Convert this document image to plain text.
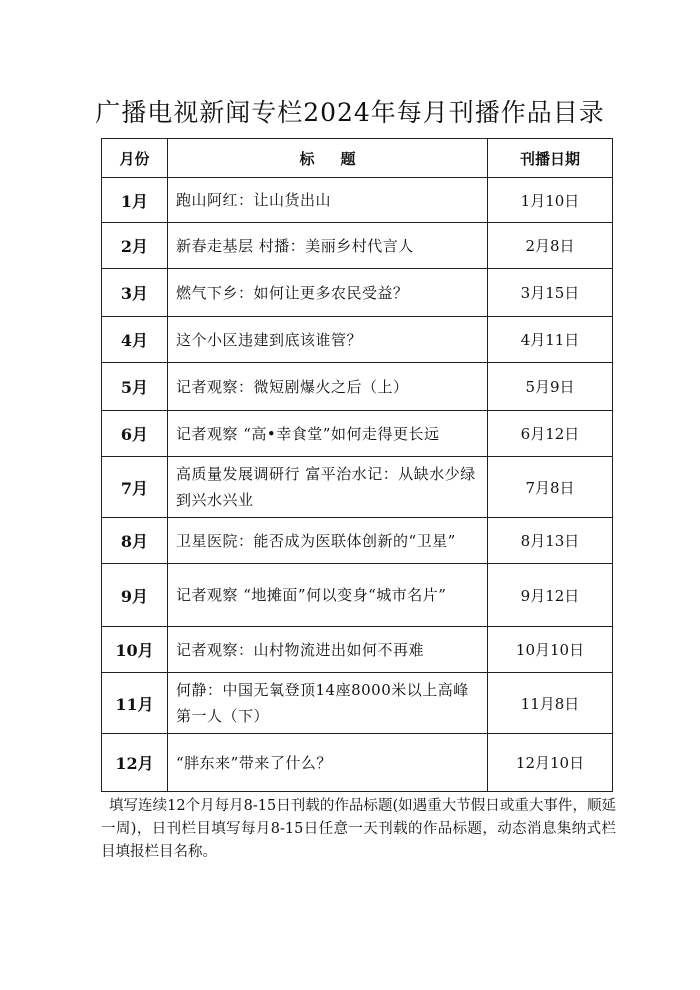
广播电视新闻专栏2024年每月刊播作品目录
月份	标题	刊播日期
1月	跑山阿红：让山货出山	1月10日
2月	新春走基层 村播：美丽乡村代言人	2月8日
3月	燃气下乡：如何让更多农民受益？	3月15日
4月	这个小区违建到底该谁管？	4月11日
5月	记者观察：微短剧爆火之后（上）	5月9日
6月	记者观察 “高•幸食堂”如何走得更长远	6月12日
7月	高质量发展调研行 富平治水记：从缺水少绿到兴水兴业	7月8日
8月	卫星医院：能否成为医联体创新的“卫星”	8月13日
9月	记者观察 “地摊面”何以变身“城市名片”	9月12日
10月	记者观察：山村物流进出如何不再难	10月10日
11月	何静：中国无氧登顶14座8000米以上高峰第一人（下）	11月8日
12月	“胖东来”带来了什么？	12月10日
填写连续12个月每月8-15日刊载的作品标题(如遇重大节假日或重大事件，顺延一周)，日刊栏目填写每月8-15日任意一天刊载的作品标题，动态消息集纳式栏目填报栏目名称。
